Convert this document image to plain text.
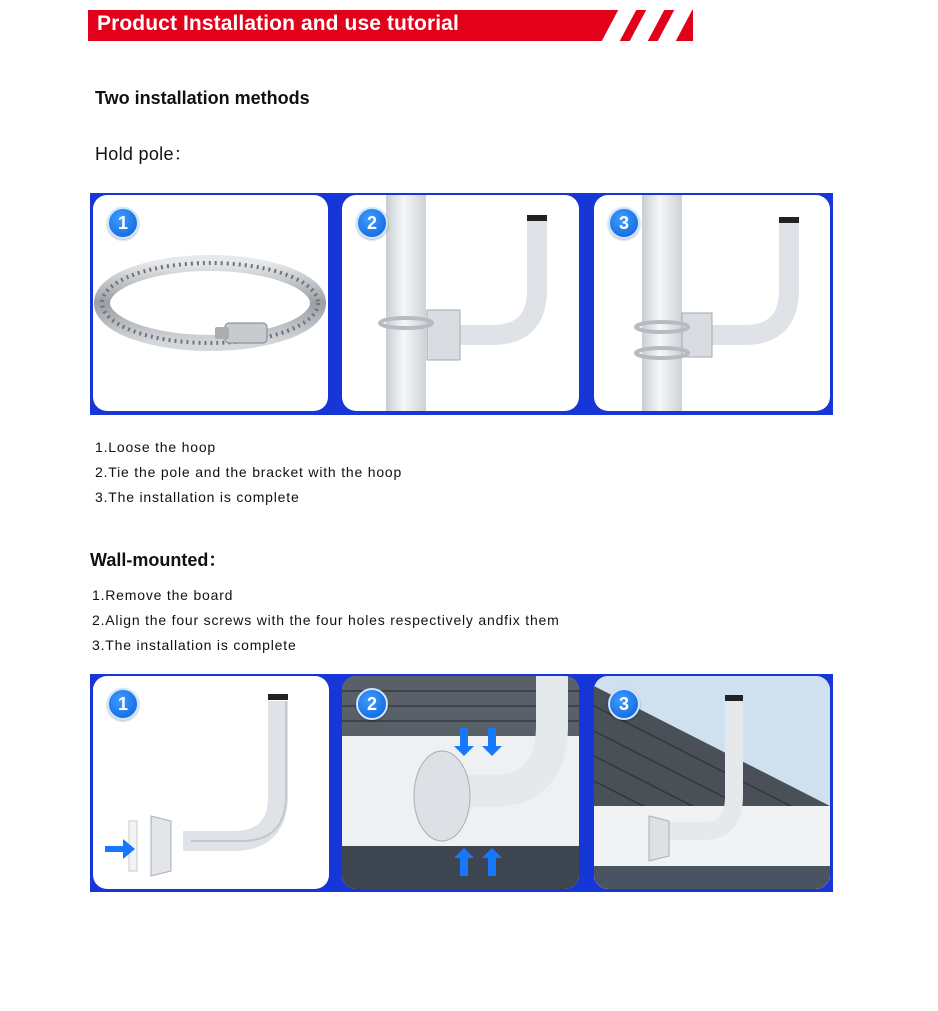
Product Installation and use tutorial
Two installation methods
Hold pole：
1	2	3
1.Loose the hoop
2.Tie the pole and the bracket with the hoop
3.The installation is complete
Wall-mounted：
1.Remove the board
2.Align the four screws with the four holes respectively andfix them
3.The installation is complete
1	2	3
